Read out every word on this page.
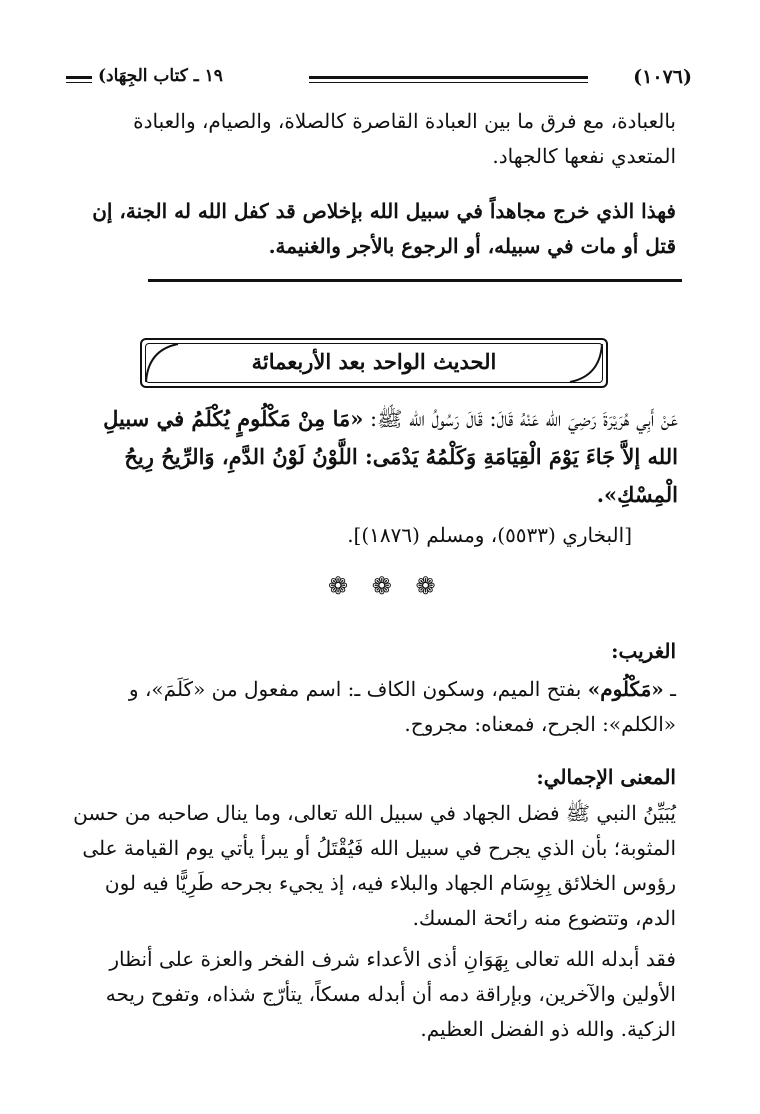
(١٠٧٦)
١٩ ـ كتاب الجِهَاد)

بالعبادة، مع فرق ما بين العبادة القاصرة كالصلاة، والصيام، والعبادة المتعدي نفعها كالجهاد.

فهذا الذي خرج مجاهداً في سبيل الله بإخلاص قد كفل الله له الجنة، إن قتل أو مات في سبيله، أو الرجوع بالأجر والغنيمة.

الحديث الواحد بعد الأربعمائة

عَنْ أَبِي هُرَيْرَةَ رَضِيَ الله عَنْهُ قَالَ: قَالَ رَسُولُ الله ﷺ: «مَا مِنْ مَكْلُومٍ يُكْلَمُ في سبيلِ الله إلاَّ جَاءَ يَوْمَ الْقِيَامَةِ وَكَلْمُهُ يَدْمَى: اللَّوْنُ لَوْنُ الدَّمِ، وَالرِّيحُ رِيحُ الْمِسْكِ».

[البخاري (٥٥٣٣)، ومسلم (١٨٧٦)].

❁ ❁ ❁
الغريب:

ـ «مَكْلُوم» بفتح الميم، وسكون الكاف ـ: اسم مفعول من «كَلَمَ»، و «الكلم»: الجرح، فمعناه: مجروح.

المعنى الإجمالي:

يُبَيِّنُ النبي ﷺ فضل الجهاد في سبيل الله تعالى، وما ينال صاحبه من حسن المثوبة؛ بأن الذي يجرح في سبيل الله فَيُقْتَلُ أو يبرأ يأتي يوم القيامة على رؤوس الخلائق بِوِسَام الجهاد والبلاء فيه، إذ يجيء بجرحه طَرِيًّا فيه لون الدم، وتتضوع منه رائحة المسك.

فقد أبدله الله تعالى بِهَوَانِ أذى الأعداء شرف الفخر والعزة على أنظار الأولين والآخرين، وبإراقة دمه أن أبدله مسكاً، يتأرّج شذاه، وتفوح ريحه الزكية. والله ذو الفضل العظيم.
